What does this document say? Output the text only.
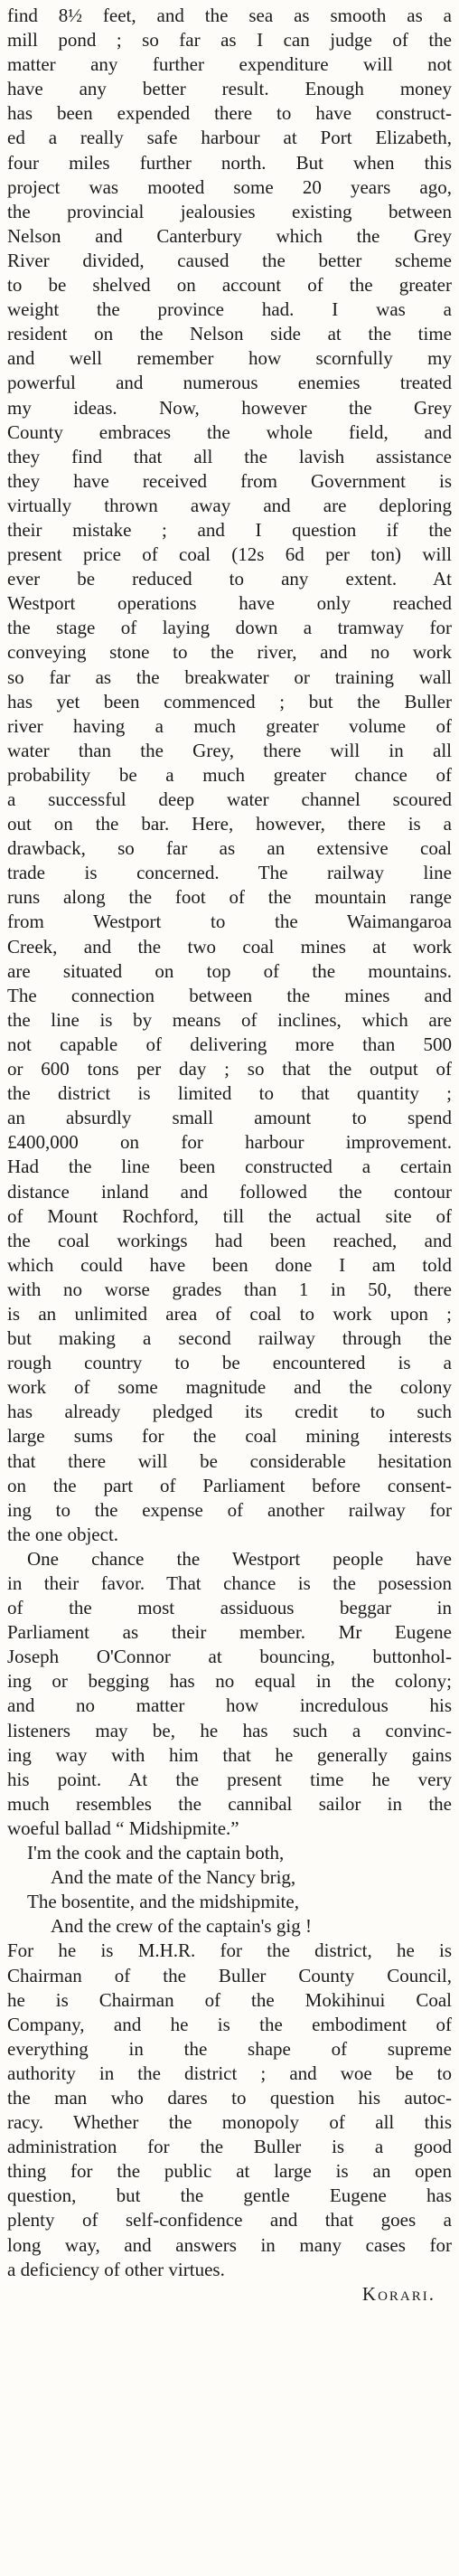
find 8½ feet, and the sea as smooth as a
mill pond ; so far as I can judge of the
matter any further expenditure will not
have any better result. Enough money
has been expended there to have construct-
ed a really safe harbour at Port Elizabeth,
four miles further north. But when this
project was mooted some 20 years ago,
the provincial jealousies existing between
Nelson and Canterbury which the Grey
River divided, caused the better scheme
to be shelved on account of the greater
weight the province had. I was a
resident on the Nelson side at the time
and well remember how scornfully my
powerful and numerous enemies treated
my ideas. Now, however the Grey
County embraces the whole field, and
they find that all the lavish assistance
they have received from Government is
virtually thrown away and are deploring
their mistake ; and I question if the
present price of coal (12s 6d per ton) will
ever be reduced to any extent. At
Westport operations have only reached
the stage of laying down a tramway for
conveying stone to the river, and no work
so far as the breakwater or training wall
has yet been commenced ; but the Buller
river having a much greater volume of
water than the Grey, there will in all
probability be a much greater chance of
a successful deep water channel scoured
out on the bar. Here, however, there is a
drawback, so far as an extensive coal
trade is concerned. The railway line
runs along the foot of the mountain range
from Westport to the Waimangaroa
Creek, and the two coal mines at work
are situated on top of the mountains.
The connection between the mines and
the line is by means of inclines, which are
not capable of delivering more than 500
or 600 tons per day ; so that the output of
the district is limited to that quantity ;
an absurdly small amount to spend
£400,000 on for harbour improvement.
Had the line been constructed a certain
distance inland and followed the contour
of Mount Rochford, till the actual site of
the coal workings had been reached, and
which could have been done I am told
with no worse grades than 1 in 50, there
is an unlimited area of coal to work upon ;
but making a second railway through the
rough country to be encountered is a
work of some magnitude and the colony
has already pledged its credit to such
large sums for the coal mining interests
that there will be considerable hesitation
on the part of Parliament before consent-
ing to the expense of another railway for
the one object.
One chance the Westport people have
in their favor. That chance is the posession
of the most assiduous beggar in
Parliament as their member. Mr Eugene
Joseph O'Connor at bouncing, buttonhol-
ing or begging has no equal in the colony;
and no matter how incredulous his
listeners may be, he has such a convinc-
ing way with him that he generally gains
his point. At the present time he very
much resembles the cannibal sailor in the
woeful ballad “ Midshipmite.”
I'm the cook and the captain both,
And the mate of the Nancy brig,
The bosentite, and the midshipmite,
And the crew of the captain's gig !
For he is M.H.R. for the district, he is
Chairman of the Buller County Council,
he is Chairman of the Mokihinui Coal
Company, and he is the embodiment of
everything in the shape of supreme
authority in the district ; and woe be to
the man who dares to question his autoc-
racy. Whether the monopoly of all this
administration for the Buller is a good
thing for the public at large is an open
question, but the gentle Eugene has
plenty of self-confidence and that goes a
long way, and answers in many cases for
a deficiency of other virtues.
Korari.
